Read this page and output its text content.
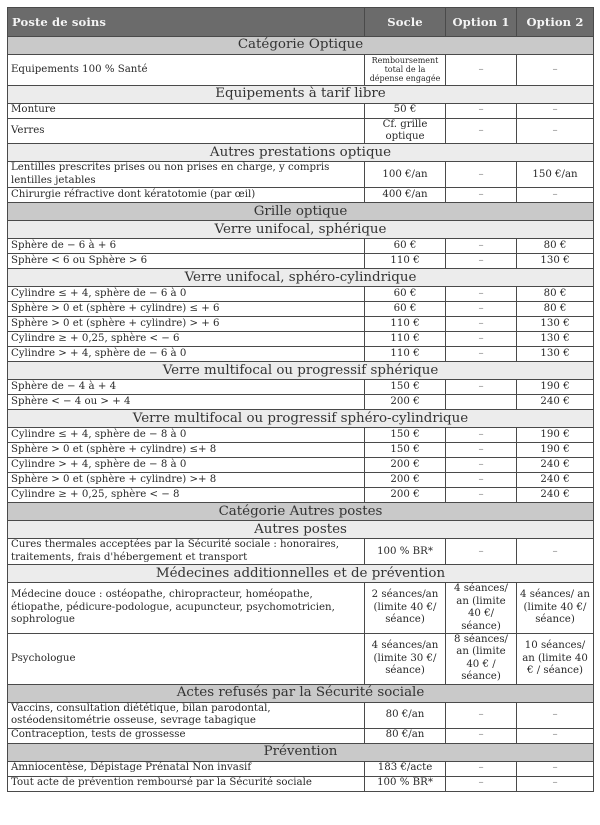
Poste de soins	Socle	Option 1	Option 2
Catégorie Optique			
Equipements 100 % Santé	Remboursement total de la dépense engagée	–	–
Equipements à tarif libre			
Monture	50 €	–	–
Verres	Cf. grille optique	–	–
Autres prestations optique			
Lentilles prescrites prises ou non prises en charge, y compris lentilles jetables	100 €/an	–	150 €/an
Chirurgie réfractive dont kératotomie (par œil)	400 €/an	–	–
Grille optique			
Verre unifocal, sphérique			
Sphère de − 6 à + 6	60 €	–	80 €
Sphère < 6 ou Sphère > 6	110 €	–	130 €
Verre unifocal, sphéro-cylindrique			
Cylindre ≤ + 4, sphère de − 6 à 0	60 €	–	80 €
Sphère > 0 et (sphère + cylindre) ≤ + 6	60 €	–	80 €
Sphère > 0 et (sphère + cylindre) > + 6	110 €	–	130 €
Cylindre ≥ + 0,25, sphère < − 6	110 €	–	130 €
Cylindre > + 4, sphère de − 6 à 0	110 €	–	130 €
Verre multifocal ou progressif sphérique			
Sphère de − 4 à + 4	150 €	–	190 €
Sphère < − 4 ou > + 4	200 €		240 €
Verre multifocal ou progressif sphéro-cylindrique			
Cylindre ≤ + 4, sphère de − 8 à 0	150 €	–	190 €
Sphère > 0 et (sphère + cylindre) ≤+ 8	150 €	–	190 €
Cylindre > + 4, sphère de − 8 à 0	200 €	–	240 €
Sphère > 0 et (sphère + cylindre) >+ 8	200 €	–	240 €
Cylindre ≥ + 0,25, sphère < − 8	200 €	–	240 €
Catégorie Autres postes			
Autres postes			
Cures thermales acceptées par la Sécurité sociale : honoraires, traitements, frais d'hébergement et transport	100 % BR*	–	–
Médecines additionnelles et de prévention			
Médecine douce : ostéopathe, chiropracteur, homéopathe, étiopathe, pédicure-podologue, acupuncteur, psychomotricien, sophrologue	2 séances/an (limite 40 €/ séance)	4 séances/ an (limite 40 €/ séance)	4 séances/ an (limite 40 €/ séance)
Psychologue	4 séances/an (limite 30 €/ séance)	8 séances/ an (limite 40 € / séance)	10 séances/ an (limite 40 € / séance)
Actes refusés par la Sécurité sociale			
Vaccins, consultation diététique, bilan parodontal, ostéodensitométrie osseuse, sevrage tabagique	80 €/an	–	–
Contraception, tests de grossesse	80 €/an	–	–
Prévention			
Amniocentèse, Dépistage Prénatal Non invasif	183 €/acte	–	–
Tout acte de prévention remboursé par la Sécurité sociale	100 % BR*	–	–
